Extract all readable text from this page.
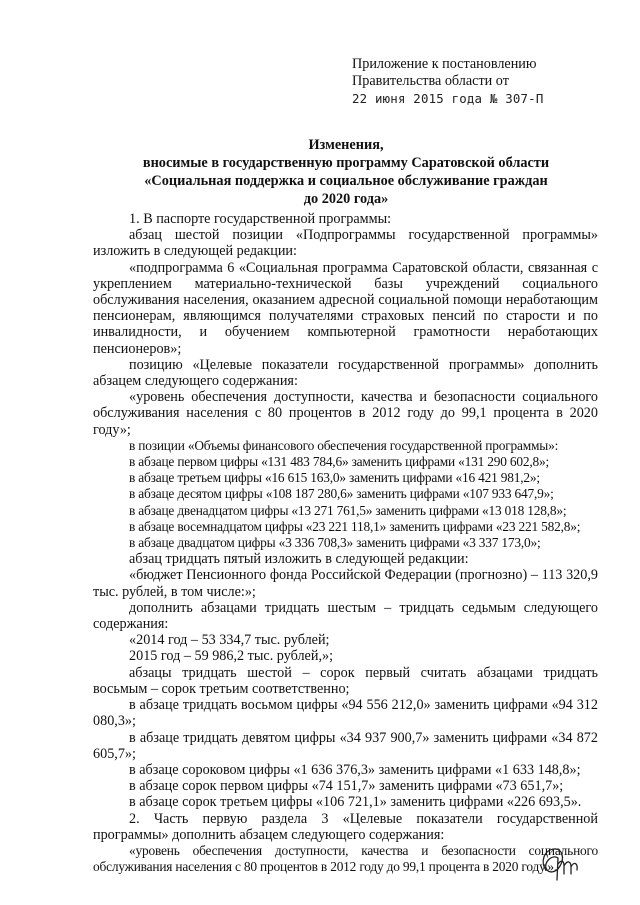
Приложение к постановлению
Правительства области от
22 июня 2015 года № 307-П
Изменения,
вносимые в государственную программу Саратовской области
«Социальная поддержка и социальное обслуживание граждан
до 2020 года»

1. В паспорте государственной программы:

абзац шестой позиции «Подпрограммы государственной программы» изложить в следующей редакции:

«подпрограмма 6 «Социальная программа Саратовской области, связанная с укреплением материально-технической базы учреждений социального обслуживания населения, оказанием адресной социальной помощи неработающим пенсионерам, являющимся получателями страховых пенсий по старости и по инвалидности, и обучением компьютерной грамотности неработающих пенсионеров»;

позицию «Целевые показатели государственной программы» дополнить абзацем следующего содержания:

«уровень обеспечения доступности, качества и безопасности социального обслуживания населения с 80 процентов в 2012 году до 99,1 процента в 2020 году»;

в позиции «Объемы финансового обеспечения государственной программы»:

в абзаце первом цифры «131 483 784,6» заменить цифрами «131 290 602,8»;

в абзаце третьем цифры «16 615 163,0» заменить цифрами «16 421 981,2»;

в абзаце десятом цифры «108 187 280,6» заменить цифрами «107 933 647,9»;

в абзаце двенадцатом цифры «13 271 761,5» заменить цифрами «13 018 128,8»;

в абзаце восемнадцатом цифры «23 221 118,1» заменить цифрами «23 221 582,8»;

в абзаце двадцатом цифры «3 336 708,3» заменить цифрами «3 337 173,0»;

абзац тридцать пятый изложить в следующей редакции:

«бюджет Пенсионного фонда Российской Федерации (прогнозно) – 113 320,9 тыс. рублей, в том числе:»;

дополнить абзацами тридцать шестым – тридцать седьмым следующего содержания:

«2014 год – 53 334,7 тыс. рублей;

2015 год – 59 986,2 тыс. рублей,»;

абзацы тридцать шестой – сорок первый считать абзацами тридцать восьмым – сорок третьим соответственно;

в абзаце тридцать восьмом цифры «94 556 212,0» заменить цифрами «94 312 080,3»;

в абзаце тридцать девятом цифры «34 937 900,7» заменить цифрами «34 872 605,7»;

в абзаце сороковом цифры «1 636 376,3» заменить цифрами «1 633 148,8»;

в абзаце сорок первом цифры «74 151,7» заменить цифрами «73 651,7»;

в абзаце сорок третьем цифры «106 721,1» заменить цифрами «226 693,5».

2. Часть первую раздела 3 «Целевые показатели государственной программы» дополнить абзацем следующего содержания:

«уровень обеспечения доступности, качества и безопасности социального обслуживания населения с 80 процентов в 2012 году до 99,1 процента в 2020 году.».
